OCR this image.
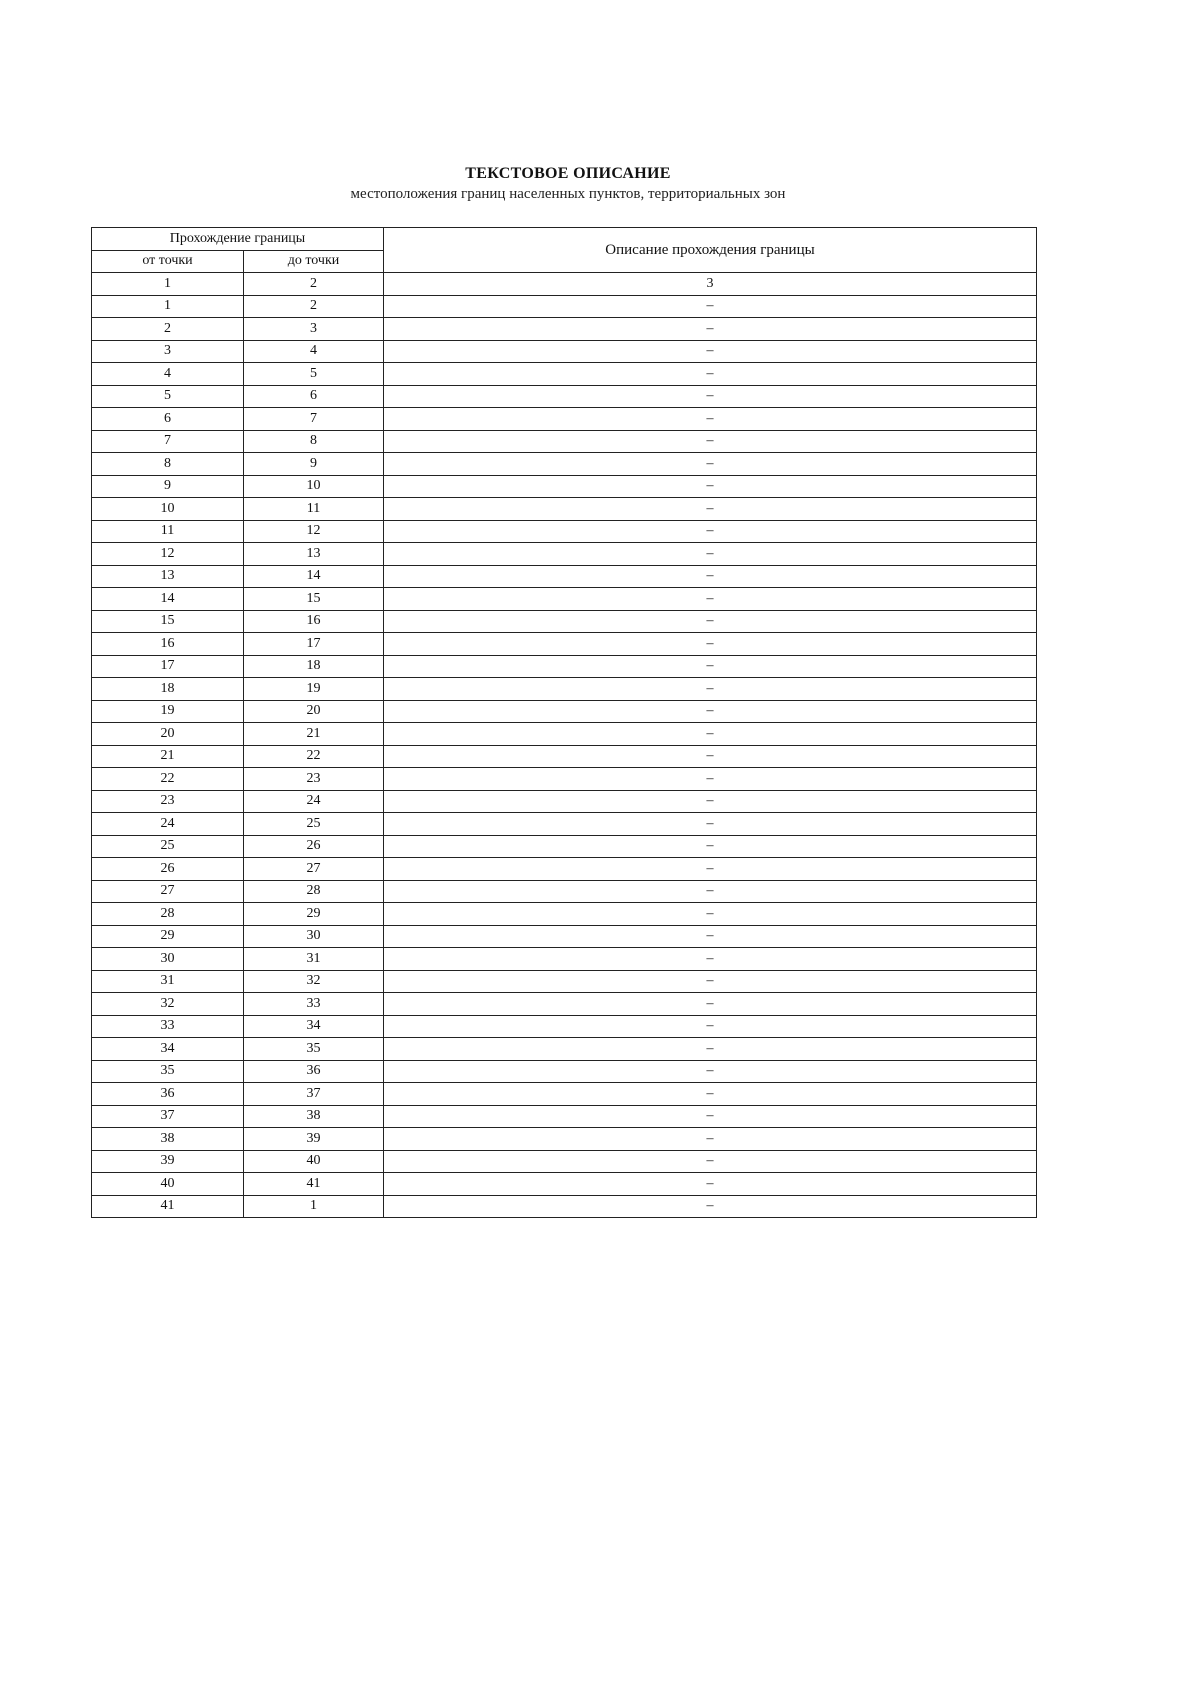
ТЕКСТОВОЕ ОПИСАНИЕ
местоположения границ населенных пунктов, территориальных зон
Прохождение границы		Описание прохождения границы
от точки	до точки	
1	2	3
1	2	–
2	3	–
3	4	–
4	5	–
5	6	–
6	7	–
7	8	–
8	9	–
9	10	–
10	11	–
11	12	–
12	13	–
13	14	–
14	15	–
15	16	–
16	17	–
17	18	–
18	19	–
19	20	–
20	21	–
21	22	–
22	23	–
23	24	–
24	25	–
25	26	–
26	27	–
27	28	–
28	29	–
29	30	–
30	31	–
31	32	–
32	33	–
33	34	–
34	35	–
35	36	–
36	37	–
37	38	–
38	39	–
39	40	–
40	41	–
41	1	–
